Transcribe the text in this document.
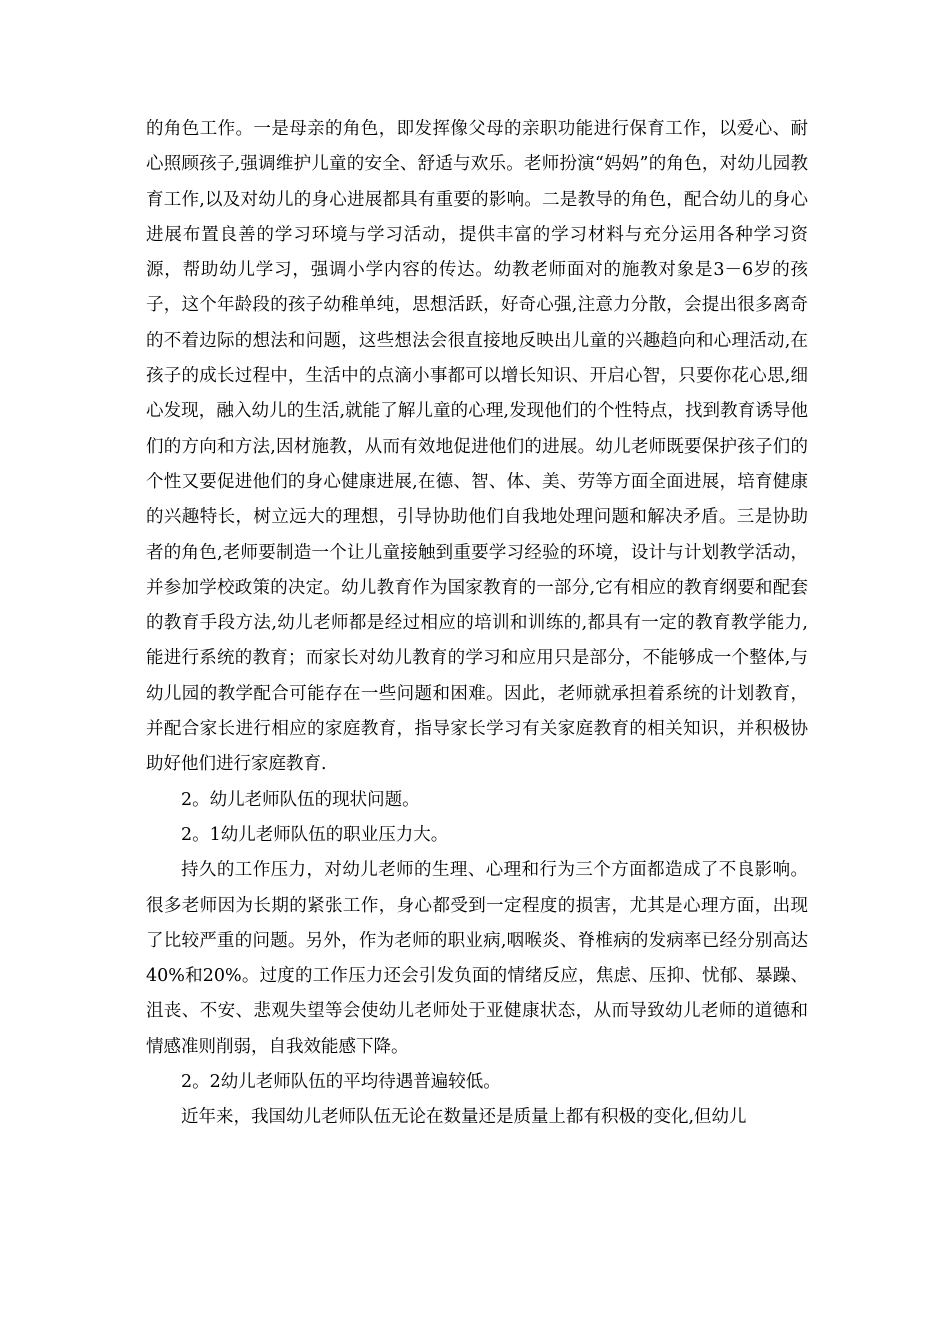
的角色工作。一是母亲的角色，即发挥像父母的亲职功能进行保育工作，以爱心、耐心照顾孩子,强调维护儿童的安全、舒适与欢乐。老师扮演“妈妈”的角色，对幼儿园教育工作,以及对幼儿的身心进展都具有重要的影响。二是教导的角色，配合幼儿的身心进展布置良善的学习环境与学习活动，提供丰富的学习材料与充分运用各种学习资源，帮助幼儿学习，强调小学内容的传达。幼教老师面对的施教对象是3－6岁的孩子，这个年龄段的孩子幼稚单纯，思想活跃，好奇心强,注意力分散，会提出很多离奇的不着边际的想法和问题，这些想法会很直接地反映出儿童的兴趣趋向和心理活动,在孩子的成长过程中，生活中的点滴小事都可以增长知识、开启心智，只要你花心思,细心发现，融入幼儿的生活,就能了解儿童的心理,发现他们的个性特点，找到教育诱导他们的方向和方法,因材施教，从而有效地促进他们的进展。幼儿老师既要保护孩子们的个性又要促进他们的身心健康进展,在德、智、体、美、劳等方面全面进展，培育健康的兴趣特长，树立远大的理想，引导协助他们自我地处理问题和解决矛盾。三是协助者的角色,老师要制造一个让儿童接触到重要学习经验的环境，设计与计划教学活动，并参加学校政策的决定。幼儿教育作为国家教育的一部分,它有相应的教育纲要和配套的教育手段方法,幼儿老师都是经过相应的培训和训练的,都具有一定的教育教学能力,能进行系统的教育；而家长对幼儿教育的学习和应用只是部分，不能够成一个整体,与幼儿园的教学配合可能存在一些问题和困难。因此，老师就承担着系统的计划教育，并配合家长进行相应的家庭教育，指导家长学习有关家庭教育的相关知识，并积极协助好他们进行家庭教育.

2。幼儿老师队伍的现状问题。

2。1幼儿老师队伍的职业压力大。

持久的工作压力，对幼儿老师的生理、心理和行为三个方面都造成了不良影响。很多老师因为长期的紧张工作，身心都受到一定程度的损害，尤其是心理方面，出现了比较严重的问题。另外，作为老师的职业病,咽喉炎、脊椎病的发病率已经分别高达40%和20%。过度的工作压力还会引发负面的情绪反应，焦虑、压抑、忧郁、暴躁、沮丧、不安、悲观失望等会使幼儿老师处于亚健康状态，从而导致幼儿老师的道德和情感准则削弱，自我效能感下降。

2。2幼儿老师队伍的平均待遇普遍较低。

近年来，我国幼儿老师队伍无论在数量还是质量上都有积极的变化,但幼儿
